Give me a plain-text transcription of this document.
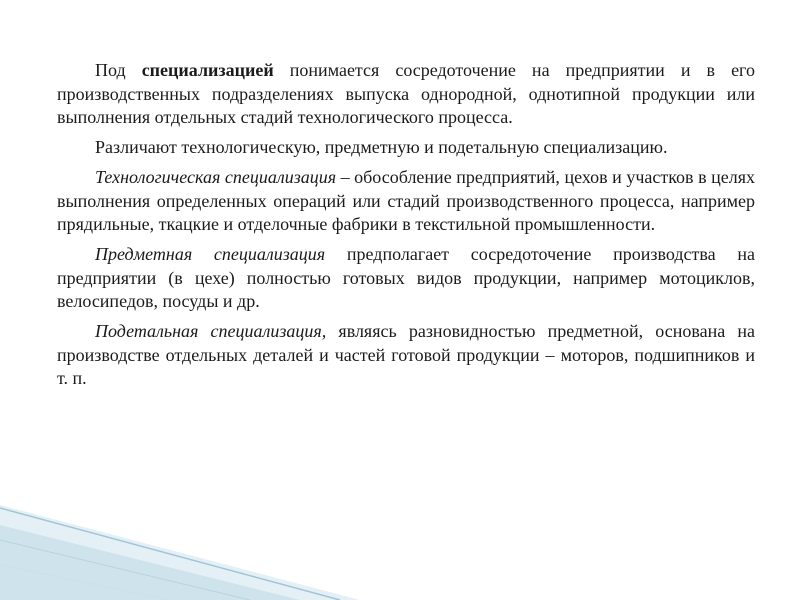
Под специализацией понимается сосредоточение на предприятии и в его производственных подразделениях выпуска однородной, однотипной продукции или выполнения отдельных стадий технологического процесса.

Различают технологическую, предметную и подетальную специализацию.

Технологическая специализация – обособление предприятий, цехов и участков в целях выполнения определенных операций или стадий производственного процесса, например прядильные, ткацкие и отделочные фабрики в текстильной промышленности.

Предметная специализация предполагает сосредоточение производства на предприятии (в цехе) полностью готовых видов продукции, например мотоциклов, велосипедов, посуды и др.

Подетальная специализация, являясь разновидностью предметной, основана на производстве отдельных деталей и частей готовой продукции – моторов, подшипников и т. п.
